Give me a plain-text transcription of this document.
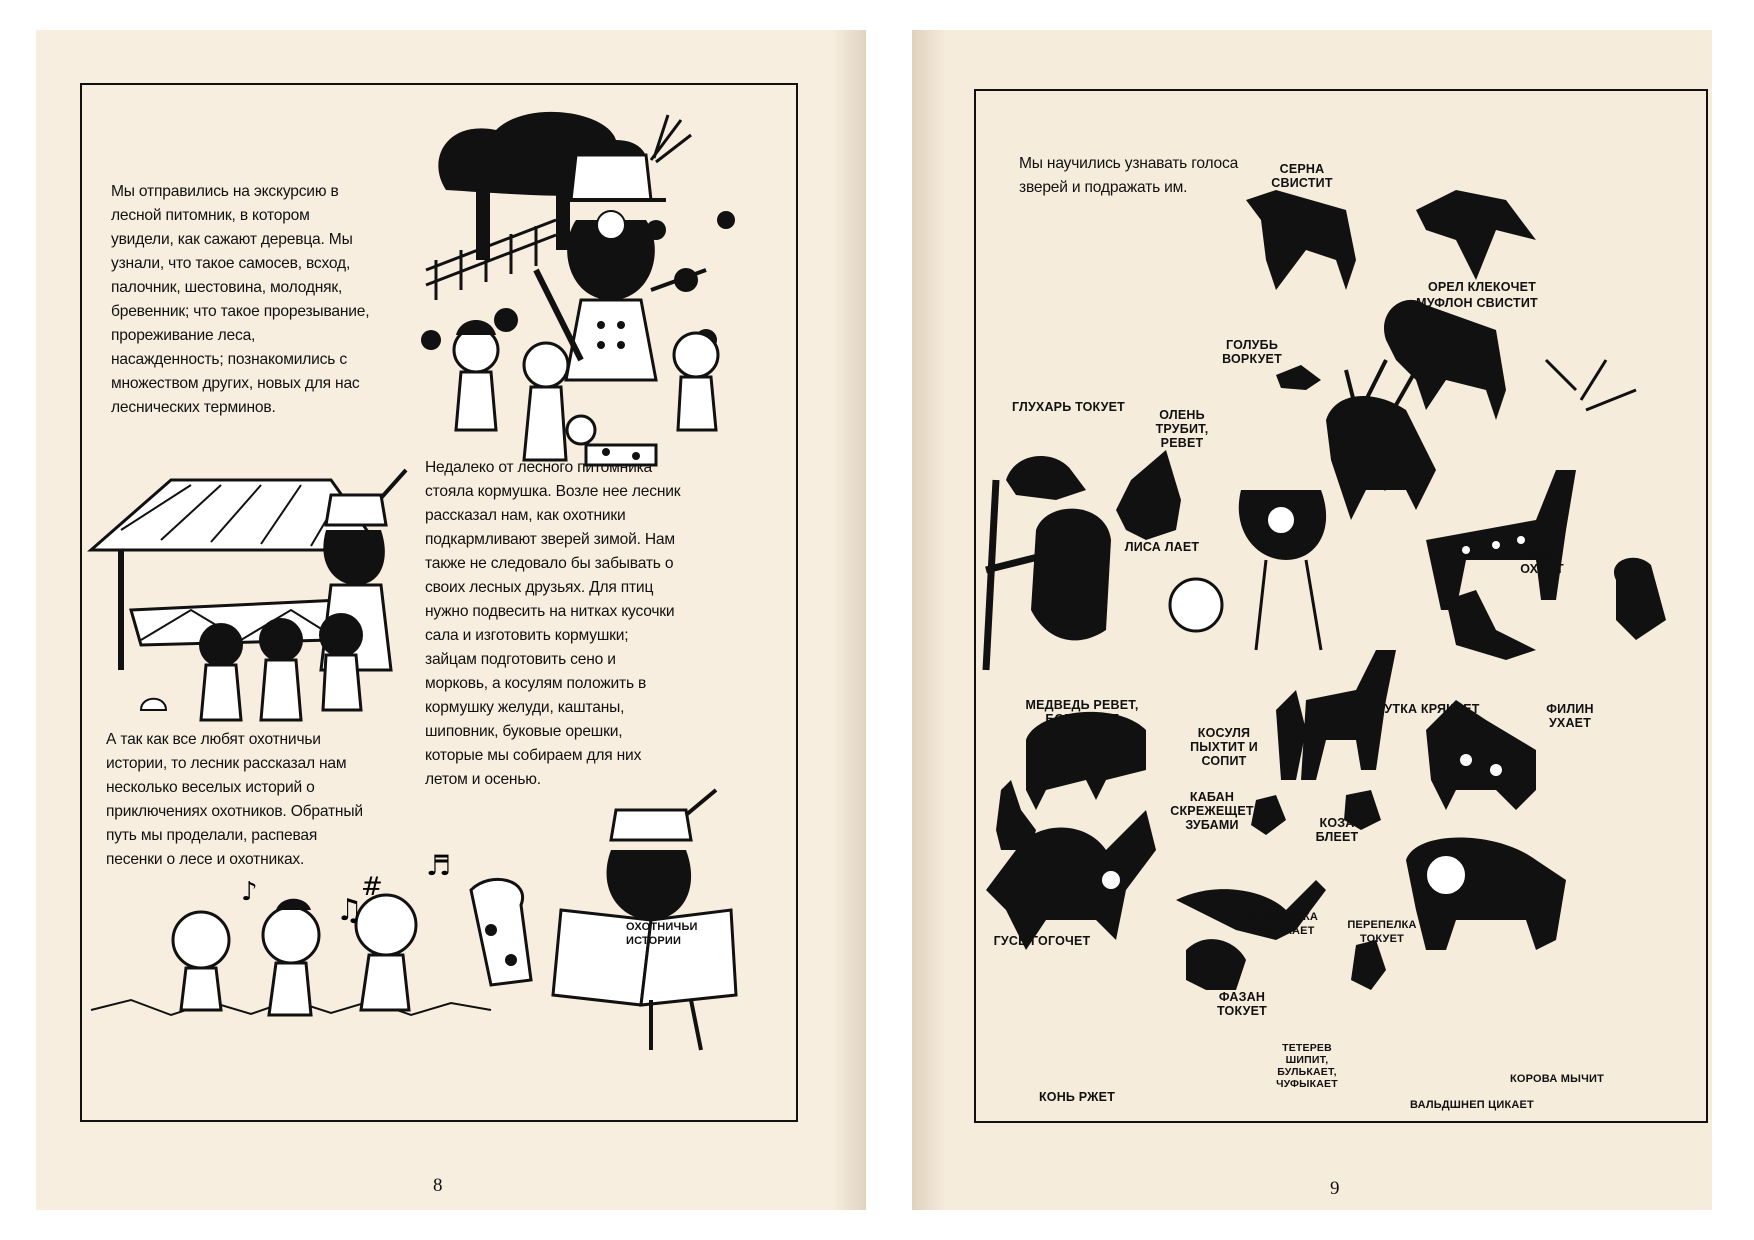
Мы отправились на экскурсию в
лесной питомник, в котором
увидели, как сажают деревца. Мы
узнали, что такое самосев, всход,
палочник, шестовина, молодняк,
бревенник; что такое прорезывание,
прореживание леса,
насажденность; познакомились с
множеством других, новых для нас
леснических терминов.
Недалеко от лесного питомника
стояла кормушка. Возле нее лесник
рассказал нам, как охотники
подкармливают зверей зимой. Нам
также не следовало бы забывать о
своих лесных друзьях. Для птиц
нужно подвесить на нитках кусочки
сала и изготовить кормушки;
зайцам подготовить сено и
морковь, а косулям положить в
кормушку желуди, каштаны,
шиповник, буковые орешки,
которые мы собираем для них
летом и осенью.
А так как все любят охотничьи
истории, то лесник рассказал нам
несколько веселых историй о
приключениях охотников. Обратный
путь мы проделали, распевая
песенки о лесе и охотниках.
♫
#
♪
♬
ОХОТНИЧЬИ
ИСТОРИИ
8
Мы научились узнавать голоса
зверей и подражать им.
СЕРНА
СВИСТИТ
ОРЕЛ КЛЕКОЧЕТ
МУФЛОН СВИСТИТ
ГОЛУБЬ
ВОРКУЕТ
ГЛУХАРЬ ТОКУЕТ
ОЛЕНЬ
ТРУБИТ,
РЕВЕТ
ЛИСА ЛАЕТ
ЛАНЬ
ОХАЕТ
МЕДВЕДЬ РЕВЕТ,
БОРМОЧЕТ
УТКА КРЯКАЕТ	ФИЛИН
УХАЕТ
КОСУЛЯ
ПЫХТИТ И
СОПИТ
КАБАН
СКРЕЖЕЩЕТ
ЗУБАМИ	КОЗА
БЛЕЕТ
ГУСЬ ГОГОЧЕТ
КУРОПАТКА
ЧИРИКАЕТ	ПЕРЕПЕЛКА
ТОКУЕТ
ФАЗАН
ТОКУЕТ
ТЕТЕРЕВ
ШИПИТ,
БУЛЬКАЕТ,
ЧУФЫКАЕТ
КОНЬ РЖЕТ
КОРОВА МЫЧИТ
ВАЛЬДШНЕП ЦИКАЕТ
9
